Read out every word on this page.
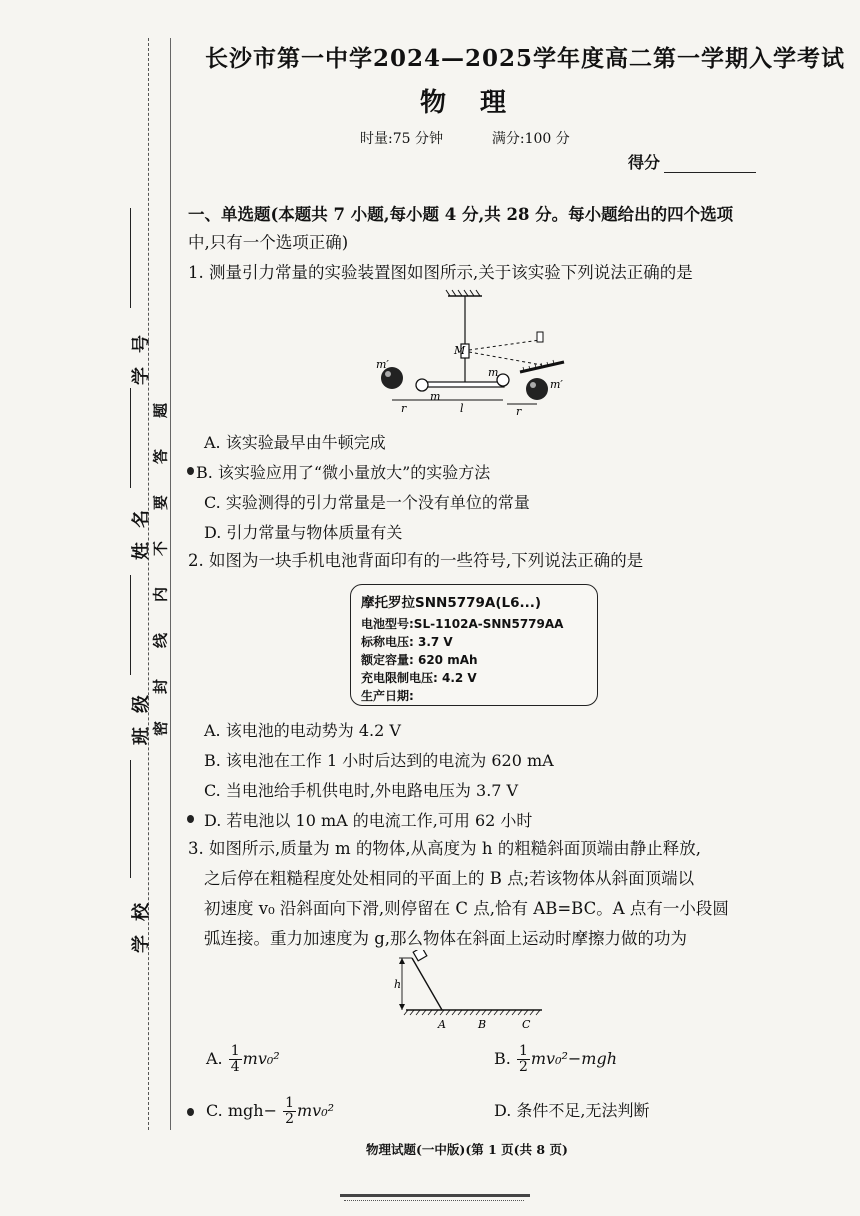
学号
姓名
班级
学校
题
答
要
不
内
线
封
密
长沙市第一中学2024—2025学年度高二第一学期入学考试
物理
时量:75 分钟	满分:100 分
得分
一、单选题(本题共 7 小题,每小题 4 分,共 28 分。每小题给出的四个选项
中,只有一个选项正确)
1. 测量引力常量的实验装置图如图所示,关于该实验下列说法正确的是
M
m
m
m′
m′
r	l	r
A. 该实验最早由牛顿完成
B. 该实验应用了“微小量放大”的实验方法
C. 实验测得的引力常量是一个没有单位的常量
D. 引力常量与物体质量有关
2. 如图为一块手机电池背面印有的一些符号,下列说法正确的是
摩托罗拉SNN5779A(L6...)
电池型号:SL-1102A-SNN5779AA
标称电压: 3.7 V
额定容量: 620 mAh
充电限制电压: 4.2 V
生产日期:
A. 该电池的电动势为 4.2 V
B. 该电池在工作 1 小时后达到的电流为 620 mA
C. 当电池给手机供电时,外电路电压为 3.7 V
D. 若电池以 10 mA 的电流工作,可用 62 小时
3. 如图所示,质量为 m 的物体,从高度为 h 的粗糙斜面顶端由静止释放,
之后停在粗糙程度处处相同的平面上的 B 点;若该物体从斜面顶端以
初速度 v₀ 沿斜面向下滑,则停留在 C 点,恰有 AB=BC。A 点有一小段圆
弧连接。重力加速度为 g,那么物体在斜面上运动时摩擦力做的功为
h
A	B	C
A. $\frac{1}{4} mv_0^2$	B. $\frac{1}{2} mv_0^2-mgh$
C. $mgh- \frac{1}{2} mv_0^2$	D. 条件不足,无法判断
物理试题(一中版)(第 1 页(共 8 页)
